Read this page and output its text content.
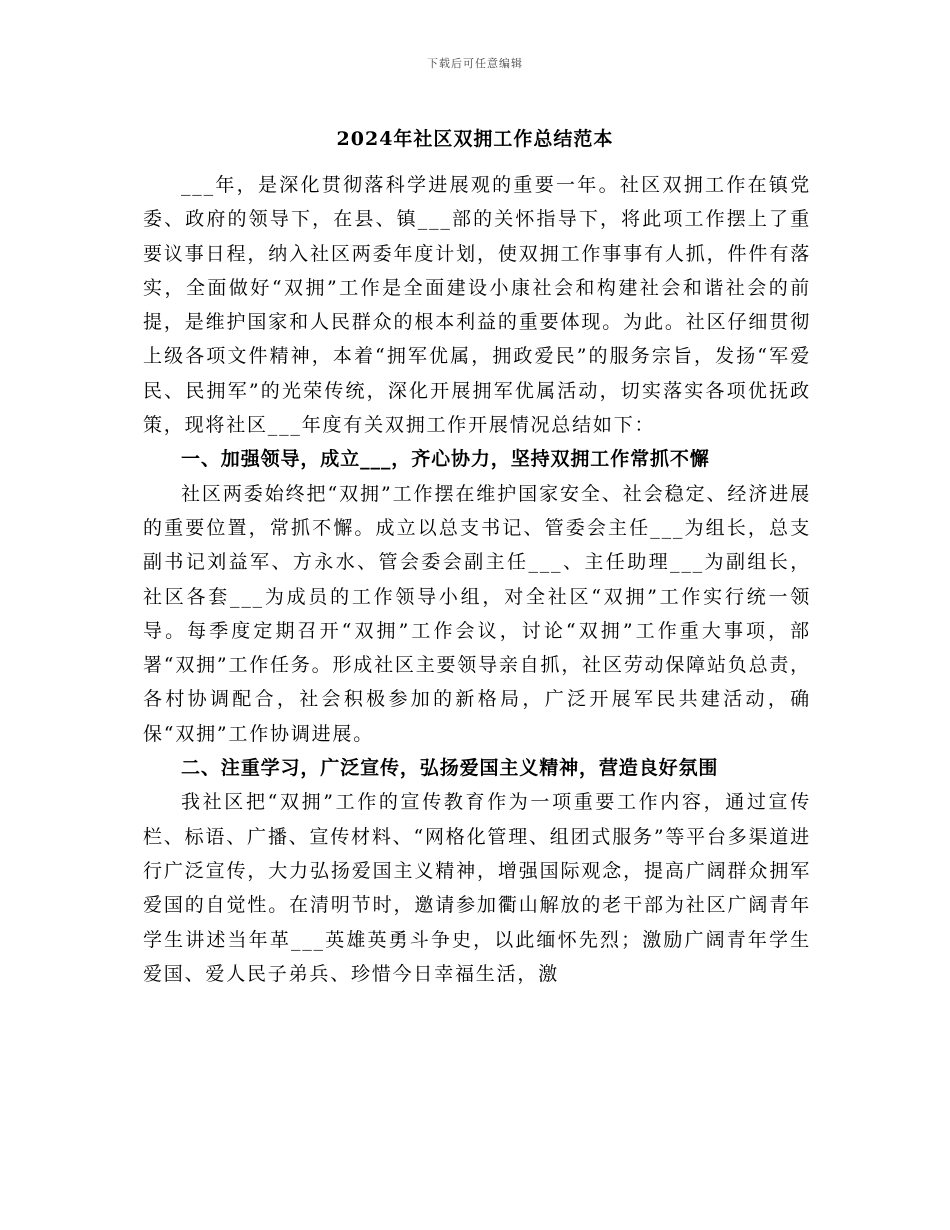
下载后可任意编辑
2024年社区双拥工作总结范本

___年，是深化贯彻落科学进展观的重要一年。社区双拥工作在镇党委、政府的领导下，在县、镇___部的关怀指导下，将此项工作摆上了重要议事日程，纳入社区两委年度计划，使双拥工作事事有人抓，件件有落实，全面做好“双拥”工作是全面建设小康社会和构建社会和谐社会的前提，是维护国家和人民群众的根本利益的重要体现。为此。社区仔细贯彻上级各项文件精神，本着“拥军优属，拥政爱民”的服务宗旨，发扬“军爱民、民拥军”的光荣传统，深化开展拥军优属活动，切实落实各项优抚政策，现将社区___年度有关双拥工作开展情况总结如下：

一、加强领导，成立___，齐心协力，坚持双拥工作常抓不懈

社区两委始终把“双拥”工作摆在维护国家安全、社会稳定、经济进展的重要位置，常抓不懈。成立以总支书记、管委会主任___为组长，总支副书记刘益军、方永水、管会委会副主任___、主任助理___为副组长，社区各套___为成员的工作领导小组，对全社区“双拥”工作实行统一领导。每季度定期召开“双拥”工作会议，讨论“双拥”工作重大事项，部署“双拥”工作任务。形成社区主要领导亲自抓，社区劳动保障站负总责，各村协调配合，社会积极参加的新格局，广泛开展军民共建活动，确保“双拥”工作协调进展。

二、注重学习，广泛宣传，弘扬爱国主义精神，营造良好氛围

我社区把“双拥”工作的宣传教育作为一项重要工作内容，通过宣传栏、标语、广播、宣传材料、“网格化管理、组团式服务”等平台多渠道进行广泛宣传，大力弘扬爱国主义精神，增强国际观念，提高广阔群众拥军爱国的自觉性。在清明节时，邀请参加衢山解放的老干部为社区广阔青年学生讲述当年革___英雄英勇斗争史，以此缅怀先烈；激励广阔青年学生爱国、爱人民子弟兵、珍惜今日幸福生活，激
